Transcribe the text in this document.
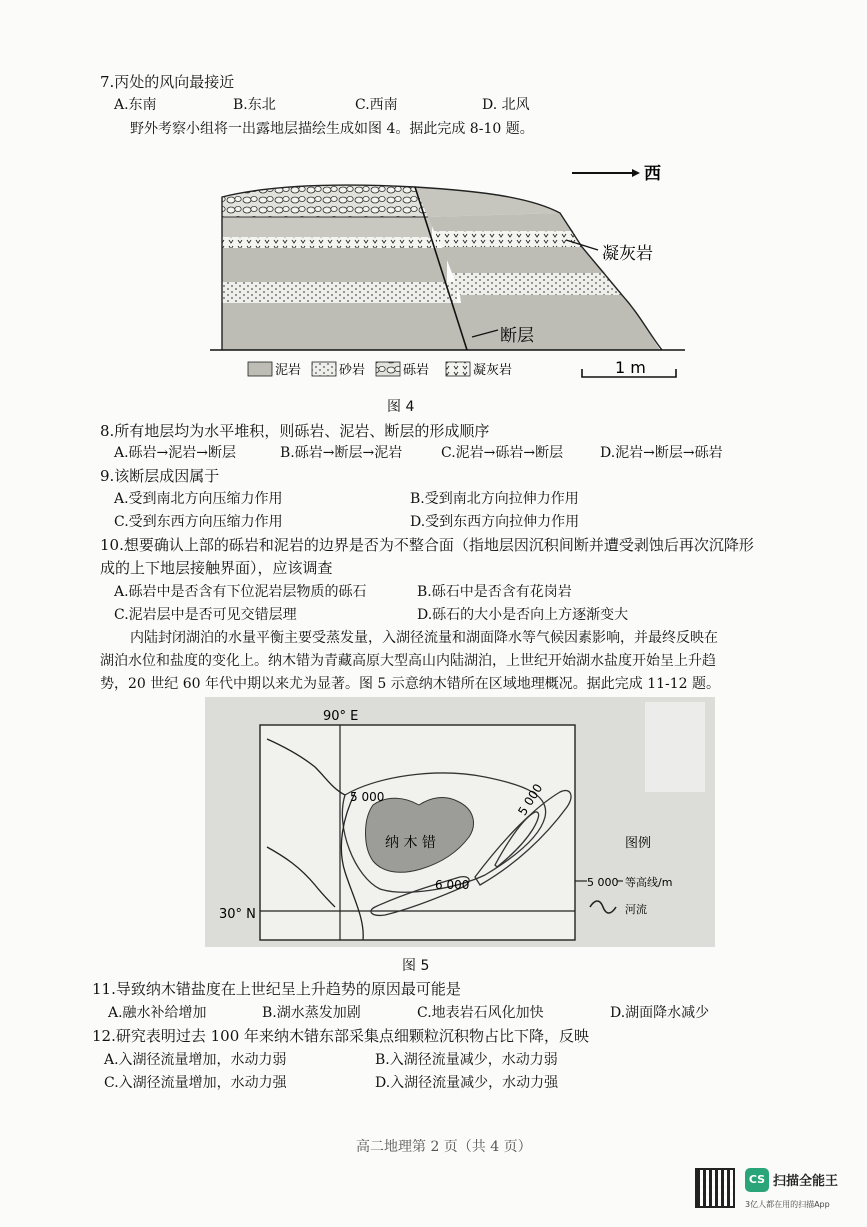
7.丙处的风向最接近
A.东南	B.东北	C.西南	D. 北风
野外考察小组将一出露地层描绘生成如图 4。据此完成 8-10 题。
西
凝灰岩
断层
泥岩	砂岩	砾岩	凝灰岩	1 m
图 4
8.所有地层均为水平堆积，则砾岩、泥岩、断层的形成顺序
A.砾岩→泥岩→断层	B.砾岩→断层→泥岩	C.泥岩→砾岩→断层	D.泥岩→断层→砾岩
9.该断层成因属于
A.受到南北方向压缩力作用	B.受到南北方向拉伸力作用
C.受到东西方向压缩力作用	D.受到东西方向拉伸力作用
10.想要确认上部的砾岩和泥岩的边界是否为不整合面（指地层因沉积间断并遭受剥蚀后再次沉降形
成的上下地层接触界面），应该调查
A.砾岩中是否含有下位泥岩层物质的砾石	B.砾石中是否含有花岗岩
C.泥岩层中是否可见交错层理	D.砾石的大小是否向上方逐渐变大
内陆封闭湖泊的水量平衡主要受蒸发量，入湖径流量和湖面降水等气候因素影响，并最终反映在
湖泊水位和盐度的变化上。纳木错为青藏高原大型高山内陆湖泊，上世纪开始湖水盐度开始呈上升趋
势，20 世纪 60 年代中期以来尤为显著。图 5 示意纳木错所在区域地理概况。据此完成 11-12 题。
90° E
30° N
纳 木 错
5 000	5 000
6 000
图例
5 000 等高线/m
河流
图 5
11.导致纳木错盐度在上世纪呈上升趋势的原因最可能是
A.融水补给增加	B.湖水蒸发加剧	C.地表岩石风化加快	D.湖面降水减少
12.研究表明过去 100 年来纳木错东部采集点细颗粒沉积物占比下降，反映
A.入湖径流量增加，水动力弱	B.入湖径流量减少，水动力弱
C.入湖径流量增加，水动力强	D.入湖径流量减少，水动力强
高二地理第 2 页（共 4 页）
CS 扫描全能王
3亿人都在用的扫描App
